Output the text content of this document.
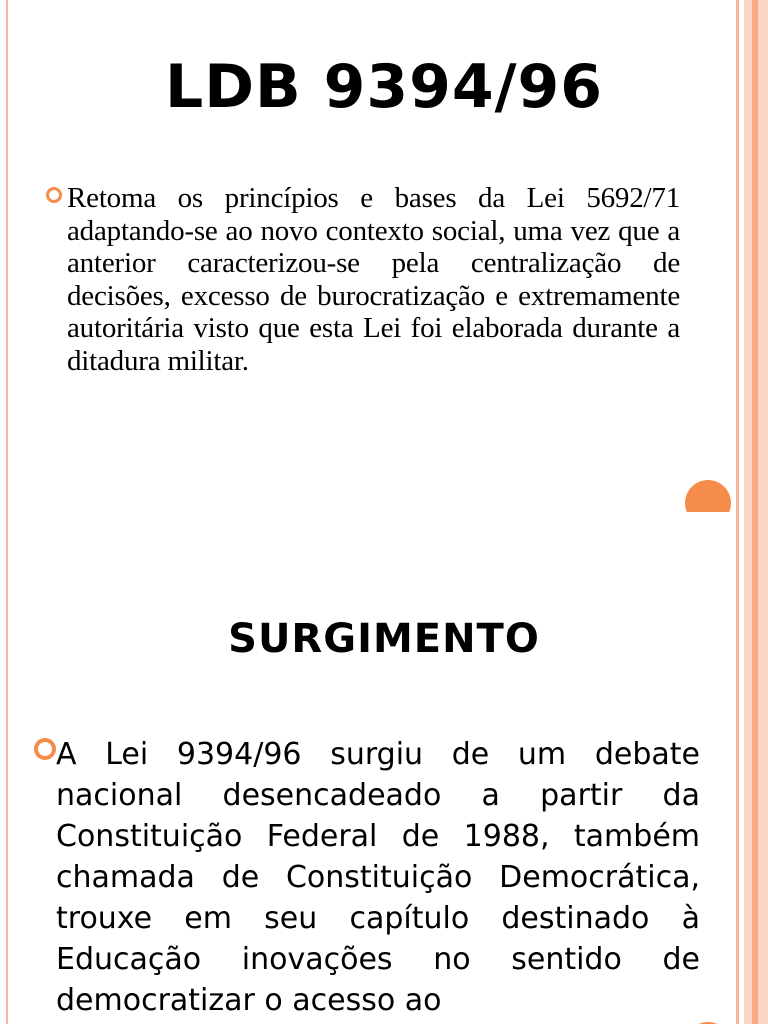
LDB 9394/96

Retoma os princípios e bases da Lei 5692/71 adaptando-se ao novo contexto social, uma vez que a anterior caracterizou-se pela centralização de decisões, excesso de burocratização e extremamente autoritária visto que esta Lei foi elaborada durante a ditadura militar.

SURGIMENTO

A Lei 9394/96 surgiu de um debate nacional desencadeado a partir da Constituição Federal de 1988, também chamada de Constituição Democrática, trouxe em seu capítulo destinado à Educação inovações no sentido de democratizar o acesso ao
